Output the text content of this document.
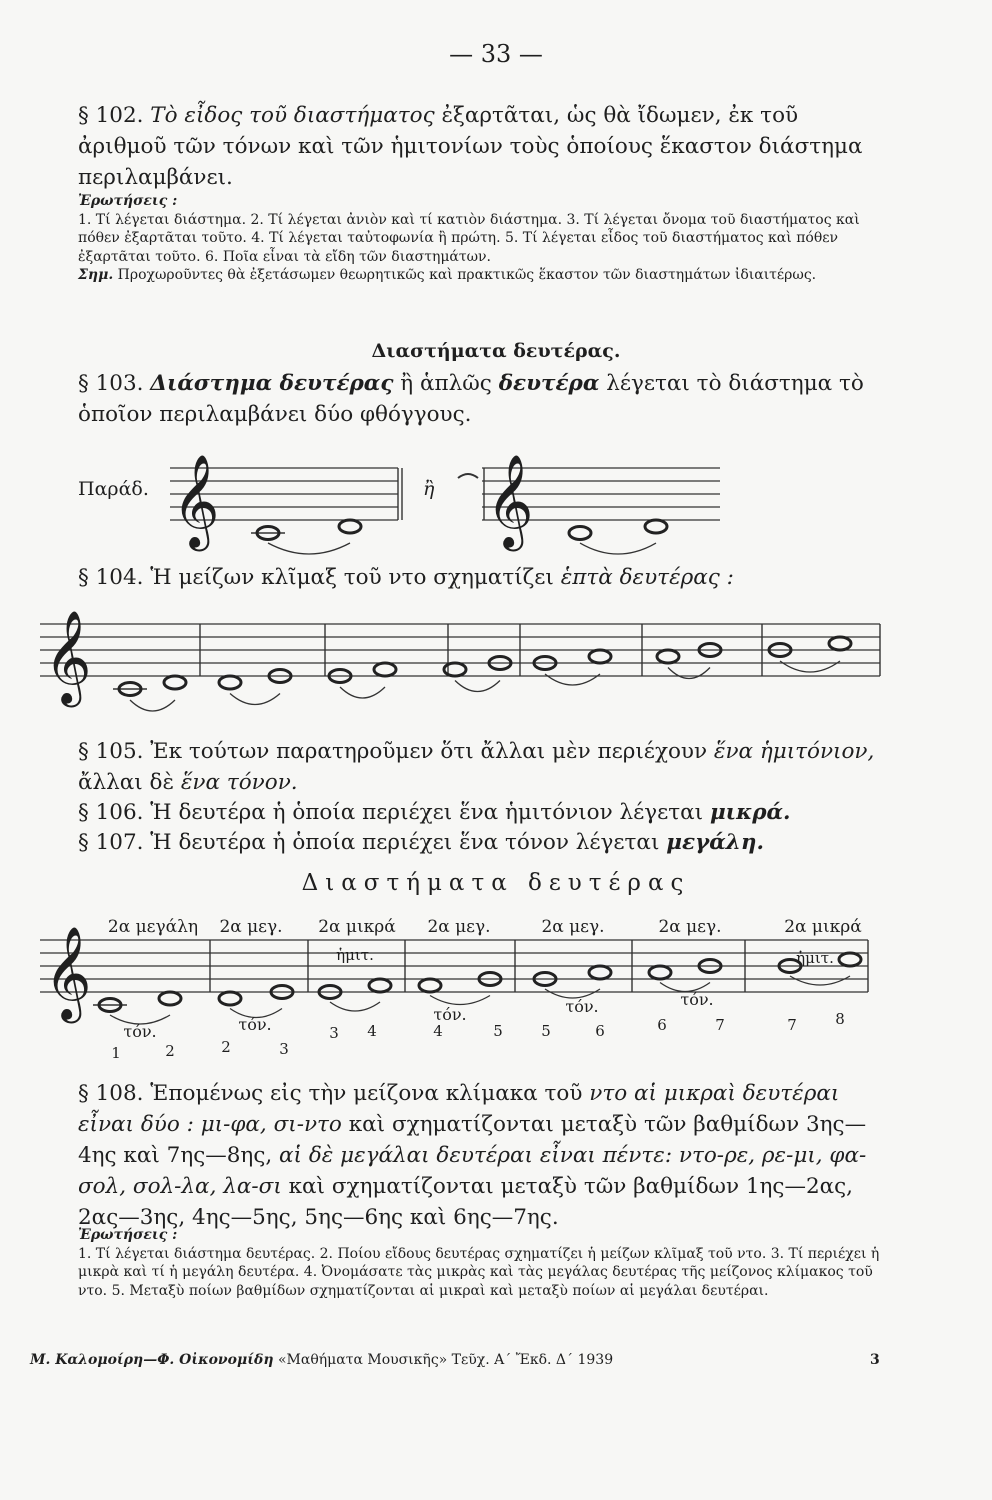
— 33 —
§ 102. Τὸ εἶδος τοῦ διαστήματος ἐξαρτᾶται, ὡς θὰ ἴδωμεν, ἐκ τοῦ ἀριθμοῦ τῶν τόνων καὶ τῶν ἡμιτονίων τοὺς ὁποίους ἕκαστον διάστημα περιλαμβάνει.
Ἐρωτήσεις :
1. Τί λέγεται διάστημα. 2. Τί λέγεται ἀνιὸν καὶ τί κατιὸν διάστημα. 3. Τί λέγεται ὄνομα τοῦ διαστήματος καὶ πόθεν ἐξαρτᾶται τοῦτο. 4. Τί λέγεται ταὐτοφωνία ἢ πρώτη. 5. Τί λέγεται εἶδος τοῦ διαστήματος καὶ πόθεν ἐξαρτᾶται τοῦτο. 6. Ποῖα εἶναι τὰ εἴδη τῶν διαστημάτων.
Σημ. Προχωροῦντες θὰ ἐξετάσωμεν θεωρητικῶς καὶ πρακτικῶς ἕκαστον τῶν διαστημάτων ἰδιαιτέρως.
Διαστήματα δευτέρας.
§ 103. Διάστημα δευτέρας ἢ ἁπλῶς δευτέρα λέγεται τὸ διάστημα τὸ ὁποῖον περιλαμβάνει δύο φθόγγους.
Παράδ.	ἢ
§ 104. Ἡ μείζων κλῖμαξ τοῦ ντο σχηματίζει ἑπτὰ δευτέρας :
§ 105. Ἐκ τούτων παρατηροῦμεν ὅτι ἄλλαι μὲν περιέχουν ἕνα ἡμιτόνιον, ἄλλαι δὲ ἕνα τόνον.
§ 106. Ἡ δευτέρα ἡ ὁποία περιέχει ἕνα ἡμιτόνιον λέγεται μικρά.
§ 107. Ἡ δευτέρα ἡ ὁποία περιέχει ἕνα τόνον λέγεται μεγάλη.
Διαστήματα δευτέρας
§ 108. Ἑπομένως εἰς τὴν μείζονα κλίμακα τοῦ ντο αἱ μικραὶ δευτέραι εἶναι δύο : μι-φα, σι-ντο καὶ σχηματίζονται μεταξὺ τῶν βαθμίδων 3ης—4ης καὶ 7ης—8ης, αἱ δὲ μεγάλαι δευτέραι εἶναι πέντε: ντο-ρε, ρε-μι, φα-σολ, σολ-λα, λα-σι καὶ σχηματίζονται μεταξὺ τῶν βαθμίδων 1ης—2ας, 2ας—3ης, 4ης—5ης, 5ης—6ης καὶ 6ης—7ης.
Ἐρωτήσεις :
1. Τί λέγεται διάστημα δευτέρας. 2. Ποίου εἴδους δευτέρας σχηματίζει ἡ μείζων κλῖμαξ τοῦ ντο. 3. Τί περιέχει ἡ μικρὰ καὶ τί ἡ μεγάλη δευτέρα. 4. Ὀνομάσατε τὰς μικρὰς καὶ τὰς μεγάλας δευτέρας τῆς μείζονος κλίμακος τοῦ ντο. 5. Μεταξὺ ποίων βαθμίδων σχηματίζονται αἱ μικραὶ καὶ μεταξὺ ποίων αἱ μεγάλαι δευτέραι.
Μ. Καλομοίρη—Φ. Οἰκονομίδη «Μαθήματα Μουσικῆς» Τεῦχ. Α΄ Ἔκδ. Δ΄ 1939	3
𝄞	𝄞
𝄞
𝄞 2α μεγάλη 2α μεγ. 2α μικρά 2α μεγ.	2α μεγ.	2α μεγ.	2α μικρά
τόν.	τόν.
τόν.	τόν.	τόν.
ἡμιτ.	ἡμιτ.
1	2	2	3
3 4	4	5	5	6	6	7	7	8
